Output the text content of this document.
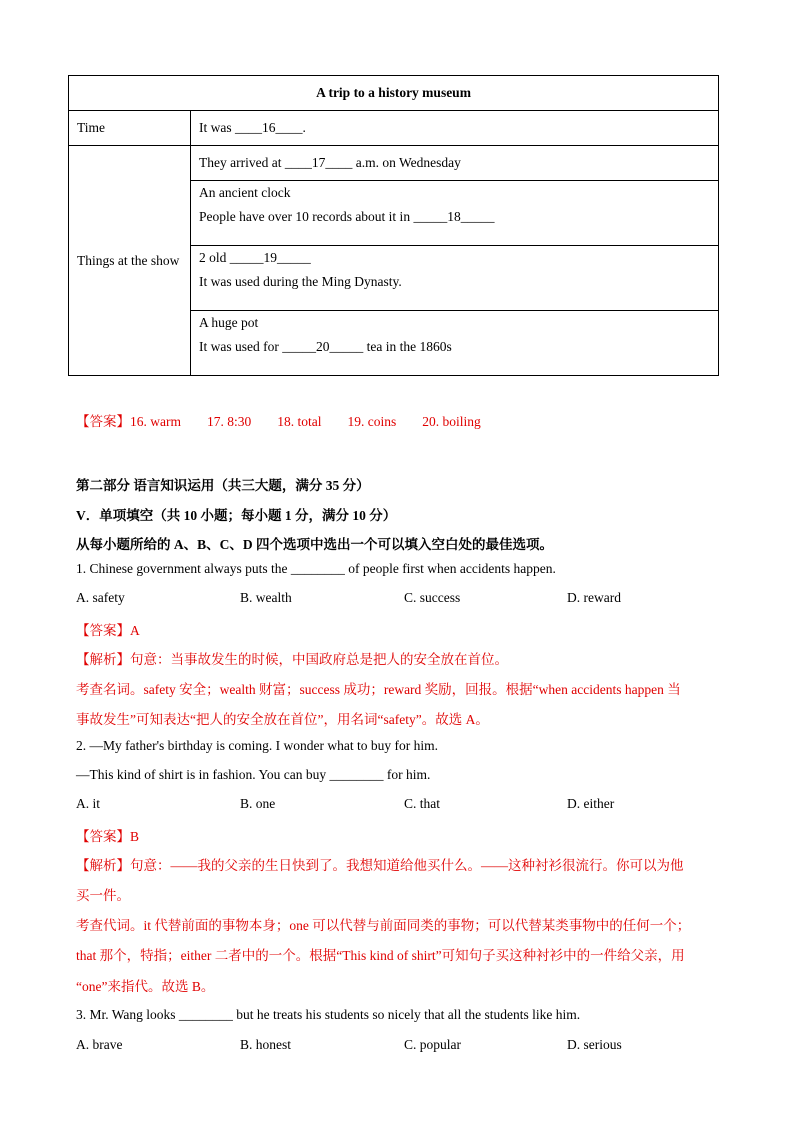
A trip to a history museum	
Time	It was ____16____.
Things at the show	They arrived at ____17____ a.m. on Wednesday

	An ancient clock
People have over 10 records about it in _____18_____

	2 old _____19_____
It was used during the Ming Dynasty.

	A huge pot
It was used for _____20_____ tea in the 1860s
【答案】16. warm 17. 8:30 18. total 19. coins 20. boiling
第二部分 语言知识运用（共三大题，满分 35 分）
V．单项填空（共 10 小题；每小题 1 分，满分 10 分）
从每小题所给的 A、B、C、D 四个选项中选出一个可以填入空白处的最佳选项。
1. Chinese government always puts the ________ of people first when accidents happen.
A. safety	B. wealth	C. success	D. reward
【答案】A
【解析】句意：当事故发生的时候，中国政府总是把人的安全放在首位。
考查名词。safety 安全；wealth 财富；success 成功；reward 奖励，回报。根据“when accidents happen 当
事故发生”可知表达“把人的安全放在首位”，用名词“safety”。故选 A。
2. —My father's birthday is coming. I wonder what to buy for him.
—This kind of shirt is in fashion. You can buy ________ for him.
A. it	B. one	C. that	D. either
【答案】B
【解析】句意：——我的父亲的生日快到了。我想知道给他买什么。——这种衬衫很流行。你可以为他
买一件。
考查代词。it 代替前面的事物本身；one 可以代替与前面同类的事物；可以代替某类事物中的任何一个；
that 那个，特指；either 二者中的一个。根据“This kind of shirt”可知句子买这种衬衫中的一件给父亲，用
“one”来指代。故选 B。
3. Mr. Wang looks ________ but he treats his students so nicely that all the students like him.
A. brave	B. honest	C. popular	D. serious
